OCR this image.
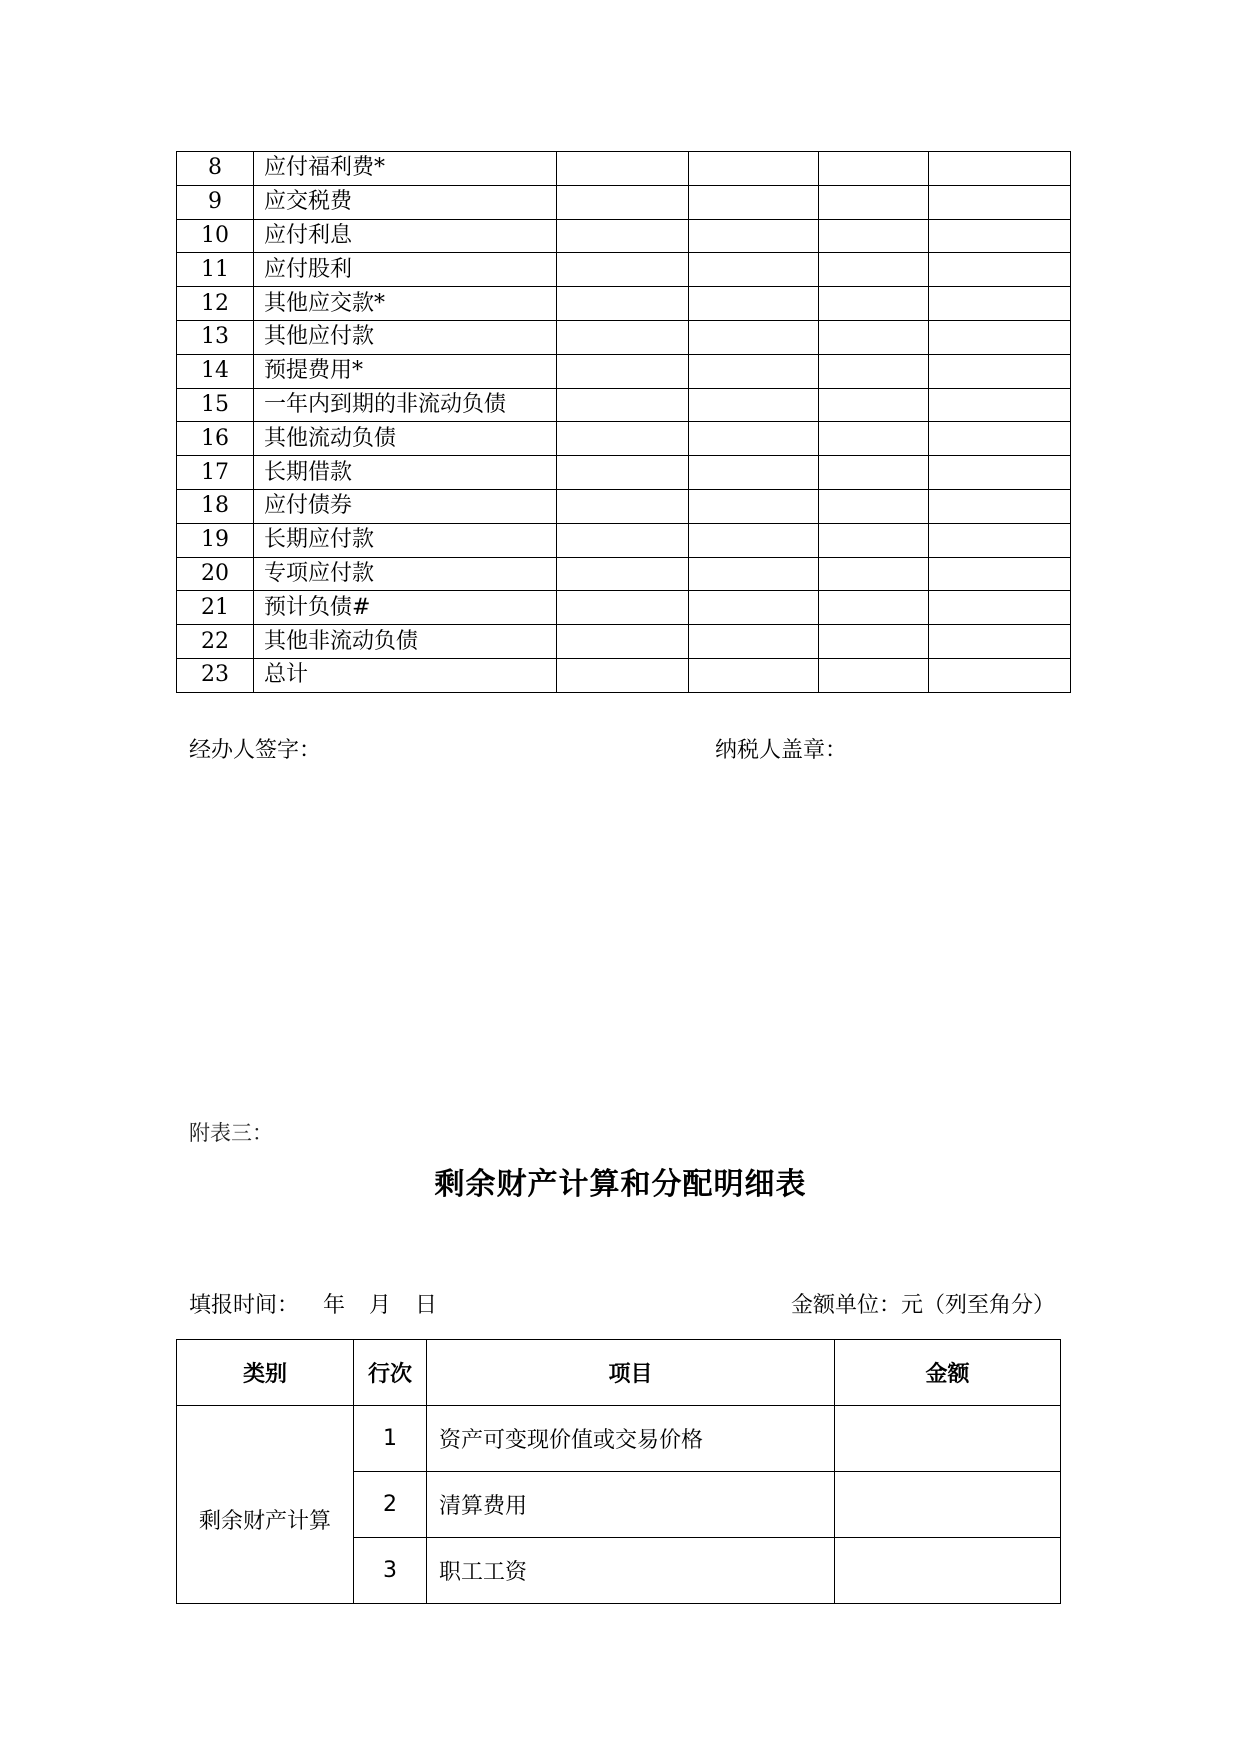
8	应付福利费*				
9	应交税费				
10	应付利息				
11	应付股利				
12	其他应交款*				
13	其他应付款				
14	预提费用*				
15	一年内到期的非流动负债				
16	其他流动负债				
17	长期借款				
18	应付债券				
19	长期应付款				
20	专项应付款				
21	预计负债#				
22	其他非流动负债				
23	总计				
经办人签字：	纳税人盖章：
附表三：
剩余财产计算和分配明细表
填报时间： 年 月 日	金额单位：元（列至角分）
类别	行次	项目	金额
剩余财产计算	1	资产可变现价值或交易价格	
	2	清算费用	
	3	职工工资	
